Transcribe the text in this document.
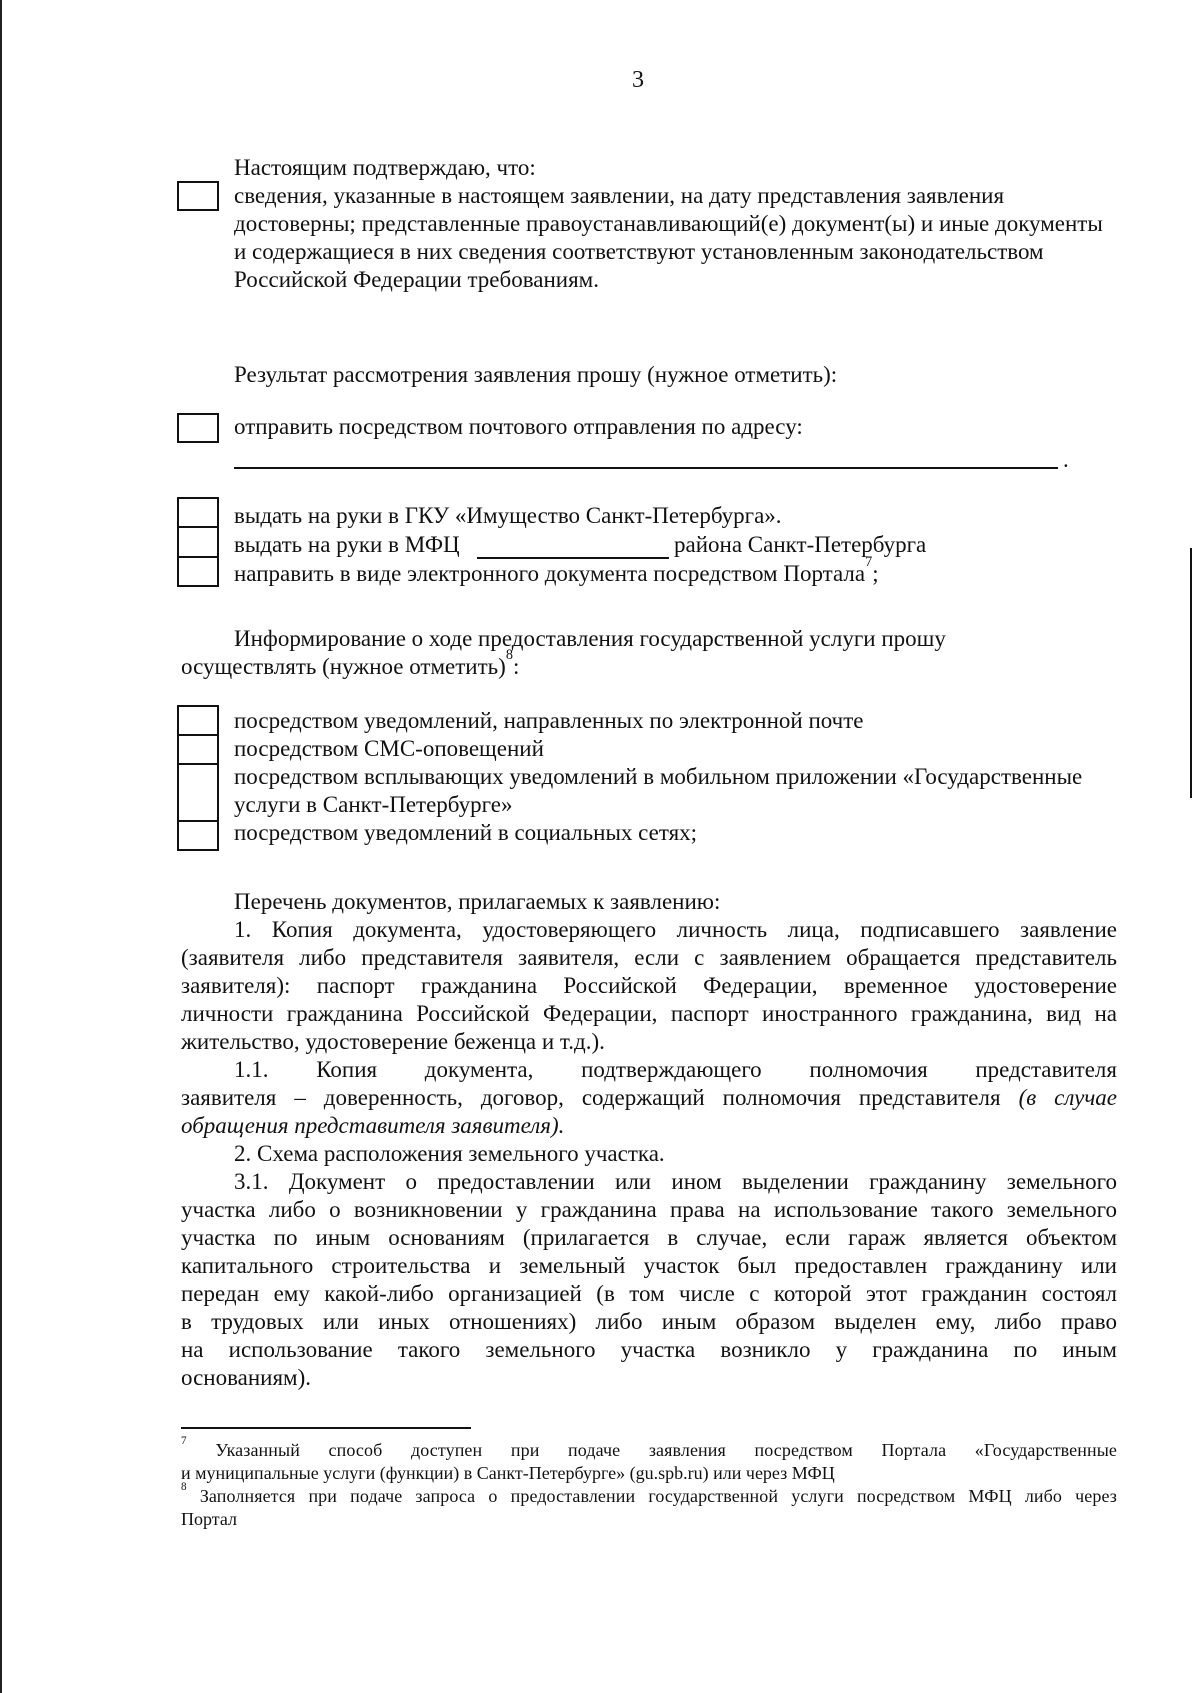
3
Настоящим подтверждаю, что:
сведения, указанные в настоящем заявлении, на дату представления заявления
достоверны; представленные правоустанавливающий(е) документ(ы) и иные документы
и содержащиеся в них сведения соответствуют установленным законодательством
Российской Федерации требованиям.
Результат рассмотрения заявления прошу (нужное отметить):
отправить посредством почтового отправления по адресу:
.
выдать на руки в ГКУ «Имущество Санкт-Петербурга».
выдать на руки в МФЦ	района Санкт-Петербурга
направить в виде электронного документа посредством Портала$^7$;
Информирование о ходе предоставления государственной услуги прошу
осуществлять (нужное отметить)$^8$:
посредством уведомлений, направленных по электронной почте
посредством СМС-оповещений
посредством всплывающих уведомлений в мобильном приложении «Государственные
услуги в Санкт-Петербурге»
посредством уведомлений в социальных сетях;
Перечень документов, прилагаемых к заявлению:
1. Копия документа, удостоверяющего личность лица, подписавшего заявление
(заявителя либо представителя заявителя, если с заявлением обращается представитель
заявителя): паспорт гражданина Российской Федерации, временное удостоверение
личности гражданина Российской Федерации, паспорт иностранного гражданина, вид на
жительство, удостоверение беженца и т.д.).
1.1. Копия документа, подтверждающего полномочия представителя
заявителя – доверенность, договор, содержащий полномочия представителя (в случае
обращения представителя заявителя).
2. Схема расположения земельного участка.
3.1. Документ о предоставлении или ином выделении гражданину земельного
участка либо о возникновении у гражданина права на использование такого земельного
участка по иным основаниям (прилагается в случае, если гараж является объектом
капитального строительства и земельный участок был предоставлен гражданину или
передан ему какой-либо организацией (в том числе с которой этот гражданин состоял
в трудовых или иных отношениях) либо иным образом выделен ему, либо право
на использование такого земельного участка возникло у гражданина по иным
основаниям).
$^7$ Указанный способ доступен при подаче заявления посредством Портала «Государственные
и муниципальные услуги (функции) в Санкт-Петербурге» (gu.spb.ru) или через МФЦ
$^8$ Заполняется при подаче запроса о предоставлении государственной услуги посредством МФЦ либо через
Портал
